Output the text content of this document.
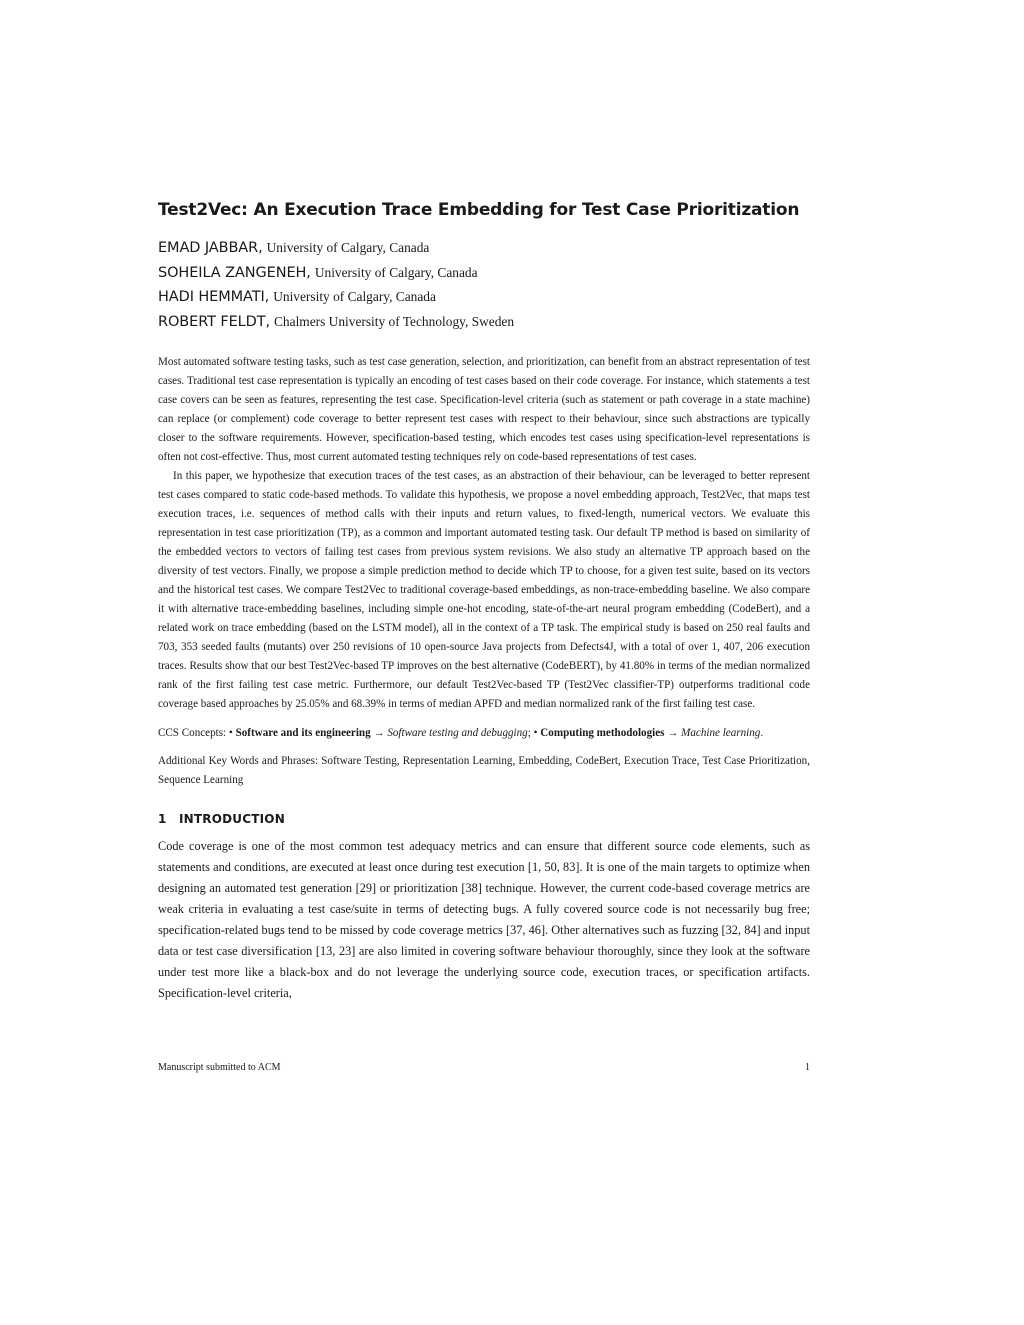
Test2Vec: An Execution Trace Embedding for Test Case Prioritization
EMAD JABBAR, University of Calgary, Canada
SOHEILA ZANGENEH, University of Calgary, Canada
HADI HEMMATI, University of Calgary, Canada
ROBERT FELDT, Chalmers University of Technology, Sweden

Most automated software testing tasks, such as test case generation, selection, and prioritization, can benefit from an abstract representation of test cases. Traditional test case representation is typically an encoding of test cases based on their code coverage. For instance, which statements a test case covers can be seen as features, representing the test case. Specification-level criteria (such as statement or path coverage in a state machine) can replace (or complement) code coverage to better represent test cases with respect to their behaviour, since such abstractions are typically closer to the software requirements. However, specification-based testing, which encodes test cases using specification-level representations is often not cost-effective. Thus, most current automated testing techniques rely on code-based representations of test cases.

In this paper, we hypothesize that execution traces of the test cases, as an abstraction of their behaviour, can be leveraged to better represent test cases compared to static code-based methods. To validate this hypothesis, we propose a novel embedding approach, Test2Vec, that maps test execution traces, i.e. sequences of method calls with their inputs and return values, to fixed-length, numerical vectors. We evaluate this representation in test case prioritization (TP), as a common and important automated testing task. Our default TP method is based on similarity of the embedded vectors to vectors of failing test cases from previous system revisions. We also study an alternative TP approach based on the diversity of test vectors. Finally, we propose a simple prediction method to decide which TP to choose, for a given test suite, based on its vectors and the historical test cases. We compare Test2Vec to traditional coverage-based embeddings, as non-trace-embedding baseline. We also compare it with alternative trace-embedding baselines, including simple one-hot encoding, state-of-the-art neural program embedding (CodeBert), and a related work on trace embedding (based on the LSTM model), all in the context of a TP task. The empirical study is based on 250 real faults and 703, 353 seeded faults (mutants) over 250 revisions of 10 open-source Java projects from Defects4J, with a total of over 1, 407, 206 execution traces. Results show that our best Test2Vec-based TP improves on the best alternative (CodeBERT), by 41.80% in terms of the median normalized rank of the first failing test case metric. Furthermore, our default Test2Vec-based TP (Test2Vec classifier-TP) outperforms traditional code coverage based approaches by 25.05% and 68.39% in terms of median APFD and median normalized rank of the first failing test case.

CCS Concepts: • Software and its engineering → Software testing and debugging; • Computing methodologies → Machine learning.

Additional Key Words and Phrases: Software Testing, Representation Learning, Embedding, CodeBert, Execution Trace, Test Case Prioritization, Sequence Learning

1 INTRODUCTION

Code coverage is one of the most common test adequacy metrics and can ensure that different source code elements, such as statements and conditions, are executed at least once during test execution [1, 50, 83]. It is one of the main targets to optimize when designing an automated test generation [29] or prioritization [38] technique. However, the current code-based coverage metrics are weak criteria in evaluating a test case/suite in terms of detecting bugs. A fully covered source code is not necessarily bug free; specification-related bugs tend to be missed by code coverage metrics [37, 46]. Other alternatives such as fuzzing [32, 84] and input data or test case diversification [13, 23] are also limited in covering software behaviour thoroughly, since they look at the software under test more like a black-box and do not leverage the underlying source code, execution traces, or specification artifacts. Specification-level criteria,

Manuscript submitted to ACM	1
